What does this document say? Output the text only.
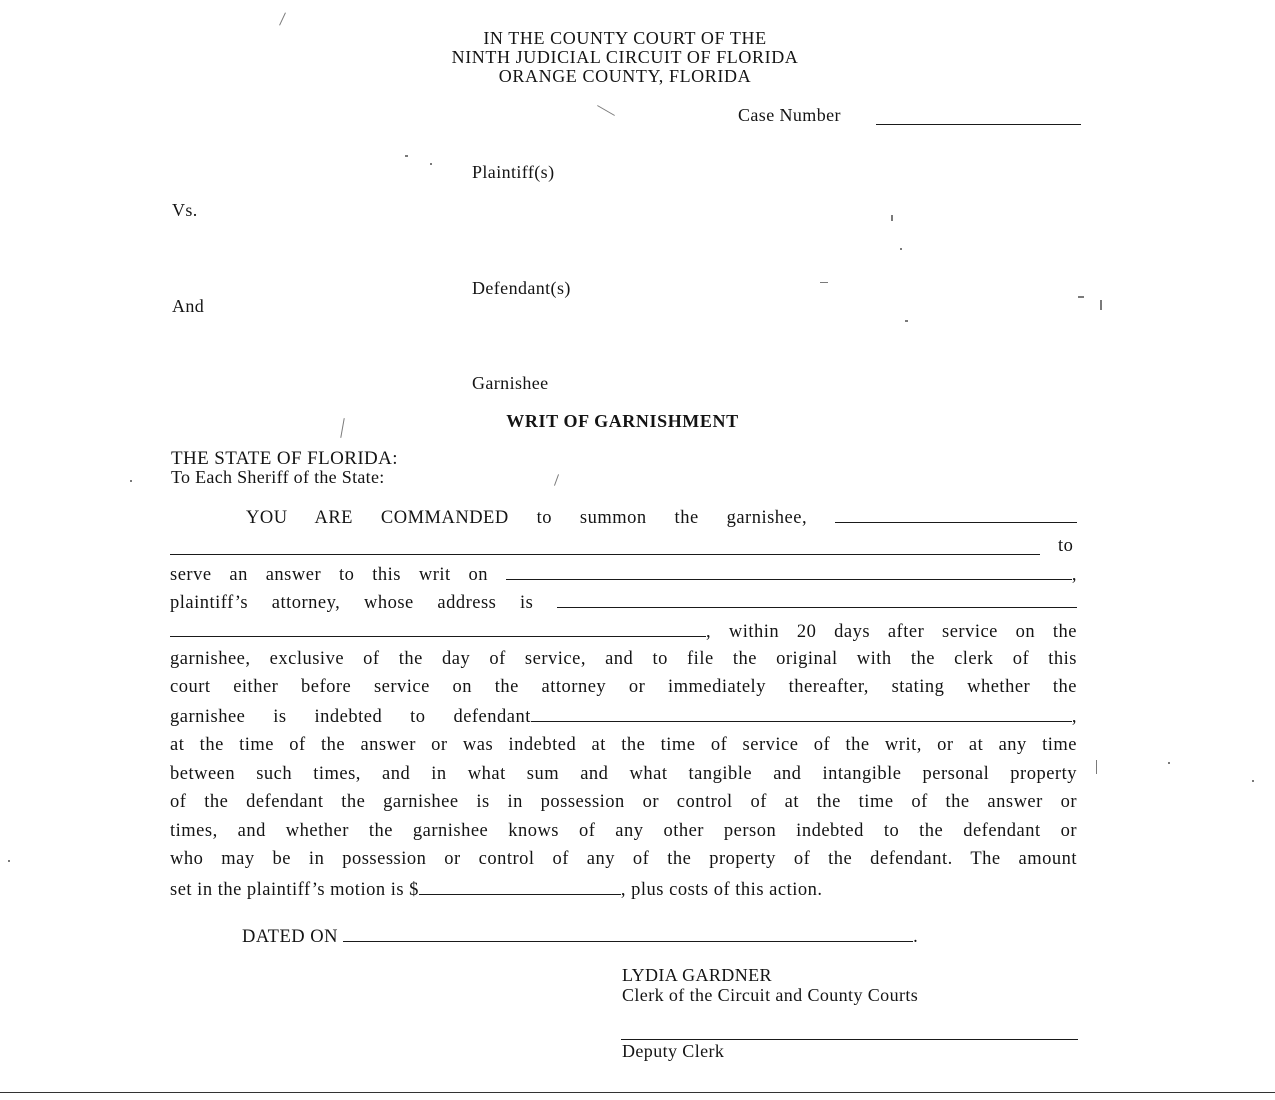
IN THE COUNTY COURT OF THE
NINTH JUDICIAL CIRCUIT OF FLORIDA
ORANGE COUNTY, FLORIDA
Case Number
Plaintiff(s)
Vs.
Defendant(s)
And
Garnishee
WRIT OF GARNISHMENT
THE STATE OF FLORIDA:
To Each Sheriff of the State:
YOU ARE COMMANDED to summon the garnishee,
to
serve an answer to this writ on	,
plaintiff’s attorney, whose address is
, within 20 days after service on the
garnishee, exclusive of the day of service, and to file the original with the clerk of this
court either before service on the attorney or immediately thereafter, stating whether the
garnishee is indebted to defendant	,
at the time of the answer or was indebted at the time of service of the writ, or at any time
between such times, and in what sum and what tangible and intangible personal property
of the defendant the garnishee is in possession or control of at the time of the answer or
times, and whether the garnishee knows of any other person indebted to the defendant or
who may be in possession or control of any of the property of the defendant. The amount
set in the plaintiff’s motion is $	, plus costs of this action.
DATED ON	.
LYDIA GARDNER
Clerk of the Circuit and County Courts
Deputy Clerk
